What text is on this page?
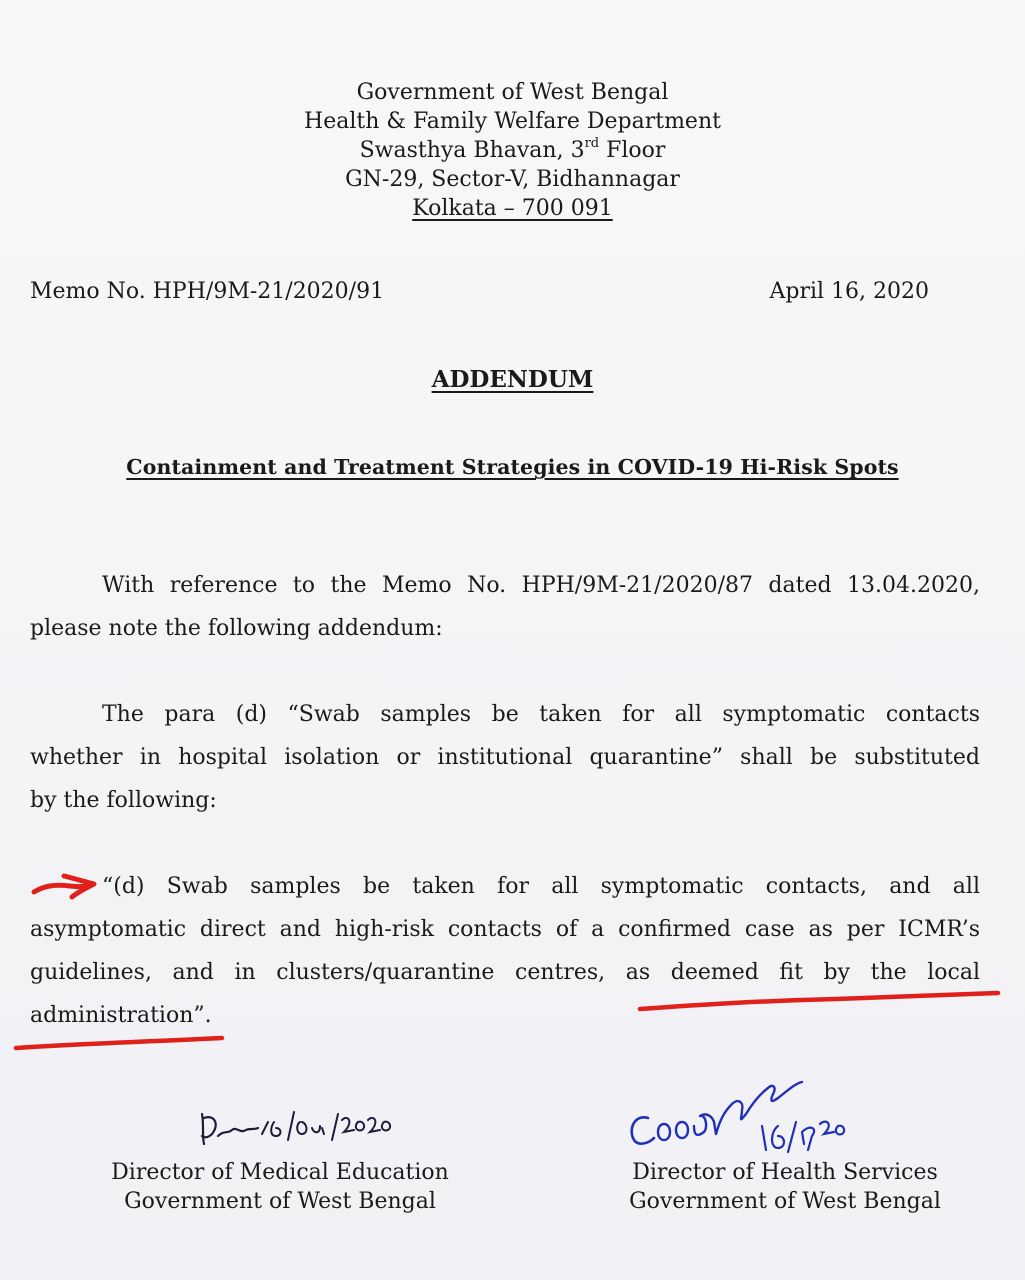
Government of West Bengal
Health & Family Welfare Department
Swasthya Bhavan, 3rd Floor
GN-29, Sector-V, Bidhannagar
Kolkata – 700 091
Memo No. HPH/9M-21/2020/91	April 16, 2020
ADDENDUM
Containment and Treatment Strategies in COVID-19 Hi-Risk Spots
With reference to the Memo No. HPH/9M-21/2020/87 dated 13.04.2020,
please note the following addendum:
The para (d) “Swab samples be taken for all symptomatic contacts
whether in hospital isolation or institutional quarantine” shall be substituted
by the following:
“(d) Swab samples be taken for all symptomatic contacts, and all
asymptomatic direct and high-risk contacts of a confirmed case as per ICMR’s
guidelines, and in clusters/quarantine centres, as deemed fit by the local
administration”.
Director of Medical Education
Government of West Bengal
Director of Health Services
Government of West Bengal
